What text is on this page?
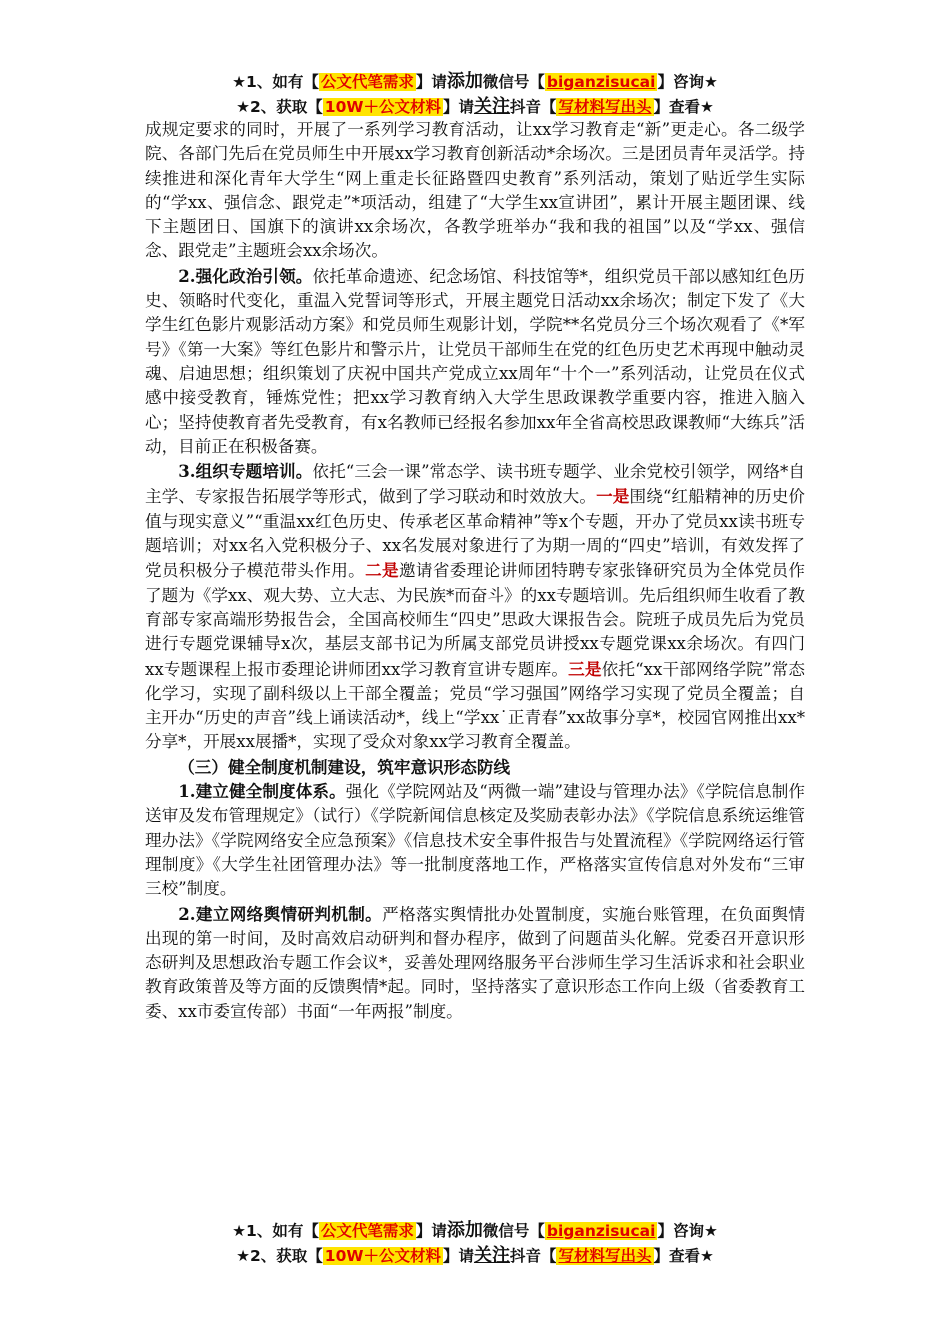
★1、如有【 公文代笔需求 】请添加微信号【 biganzisucai 】咨询★
★2、获取【 10W＋公文材料 】请关注抖音【 写材料写出头 】查看★

成规定要求的同时，开展了一系列学习教育活动，让xx学习教育走“新”更走心。各二级学院、各部门先后在党员师生中开展xx学习教育创新活动*余场次。三是团员青年灵活学。持续推进和深化青年大学生“网上重走长征路暨四史教育”系列活动，策划了贴近学生实际的“学xx、强信念、跟党走”*项活动，组建了“大学生xx宣讲团”，累计开展主题团课、线下主题团日、国旗下的演讲xx余场次，各教学班举办“我和我的祖国”以及“学xx、强信念、跟党走”主题班会xx余场次。

2.强化政治引领。依托革命遗迹、纪念场馆、科技馆等*，组织党员干部以感知红色历史、领略时代变化，重温入党誓词等形式，开展主题党日活动xx余场次；制定下发了《大学生红色影片观影活动方案》和党员师生观影计划，学院**名党员分三个场次观看了《*军号》《第一大案》等红色影片和警示片，让党员干部师生在党的红色历史艺术再现中触动灵魂、启迪思想；组织策划了庆祝中国共产党成立xx周年“十个一”系列活动，让党员在仪式感中接受教育，锤炼党性；把xx学习教育纳入大学生思政课教学重要内容，推进入脑入心；坚持使教育者先受教育，有x名教师已经报名参加xx年全省高校思政课教师“大练兵”活动，目前正在积极备赛。

3.组织专题培训。依托“三会一课”常态学、读书班专题学、业余党校引领学，网络*自主学、专家报告拓展学等形式，做到了学习联动和时效放大。一是围绕“红船精神的历史价值与现实意义”“重温xx红色历史、传承老区革命精神”等x个专题，开办了党员xx读书班专题培训；对xx名入党积极分子、xx名发展对象进行了为期一周的“四史”培训，有效发挥了党员积极分子模范带头作用。二是邀请省委理论讲师团特聘专家张锋研究员为全体党员作了题为《学xx、观大势、立大志、为民族*而奋斗》的xx专题培训。先后组织师生收看了教育部专家高端形势报告会，全国高校师生“四史”思政大课报告会。院班子成员先后为党员进行专题党课辅导x次，基层支部书记为所属支部党员讲授xx专题党课xx余场次。有四门xx专题课程上报市委理论讲师团xx学习教育宣讲专题库。三是依托“xx干部网络学院”常态化学习，实现了副科级以上干部全覆盖；党员“学习强国”网络学习实现了党员全覆盖；自主开办“历史的声音”线上诵读活动*，线上“学xx˙正青春”xx故事分享*，校园官网推出xx*分享*，开展xx展播*，实现了受众对象xx学习教育全覆盖。

（三）健全制度机制建设，筑牢意识形态防线

1.建立健全制度体系。强化《学院网站及“两微一端”建设与管理办法》《学院信息制作送审及发布管理规定》（试行）《学院新闻信息核定及奖励表彰办法》《学院信息系统运维管理办法》《学院网络安全应急预案》《信息技术安全事件报告与处置流程》《学院网络运行管理制度》《大学生社团管理办法》等一批制度落地工作，严格落实宣传信息对外发布“三审三校”制度。

2.建立网络舆情研判机制。严格落实舆情批办处置制度，实施台账管理，在负面舆情出现的第一时间，及时高效启动研判和督办程序，做到了问题苗头化解。党委召开意识形态研判及思想政治专题工作会议*，妥善处理网络服务平台涉师生学习生活诉求和社会职业教育政策普及等方面的反馈舆情*起。同时，坚持落实了意识形态工作向上级（省委教育工委、xx市委宣传部）书面“一年两报”制度。

★1、如有【 公文代笔需求 】请添加微信号【 biganzisucai 】咨询★
★2、获取【 10W＋公文材料 】请关注抖音【 写材料写出头 】查看★
